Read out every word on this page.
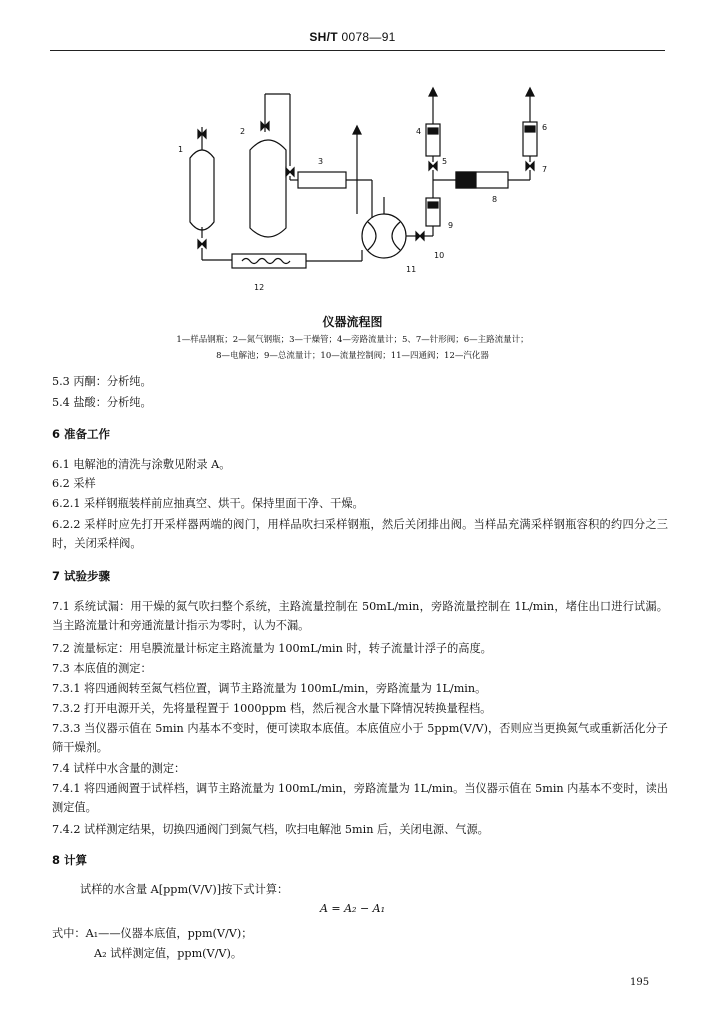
SH/T 0078—91
1
2
3
4
5
6
7
8
9
10
11
12
仪器流程图
1—样品钢瓶；2—氮气钢瓶；3—干燥管；4—旁路流量计；5、7—针形阀；6—主路流量计；
8—电解池；9—总流量计；10—流量控制阀；11—四通阀；12—汽化器
5.3 丙酮：分析纯。
5.4 盐酸：分析纯。
6 准备工作
6.1 电解池的清洗与涂敷见附录 A。
6.2 采样
6.2.1 采样钢瓶装样前应抽真空、烘干。保持里面干净、干燥。
6.2.2 采样时应先打开采样器两端的阀门，用样品吹扫采样钢瓶，然后关闭排出阀。当样品充满采样钢瓶容积的约四分之三时，关闭采样阀。
7 试验步骤
7.1 系统试漏：用干燥的氮气吹扫整个系统，主路流量控制在 50mL/min，旁路流量控制在 1L/min，堵住出口进行试漏。当主路流量计和旁通流量计指示为零时，认为不漏。
7.2 流量标定：用皂膜流量计标定主路流量为 100mL/min 时，转子流量计浮子的高度。
7.3 本底值的测定：
7.3.1 将四通阀转至氮气档位置，调节主路流量为 100mL/min，旁路流量为 1L/min。
7.3.2 打开电源开关，先将量程置于 1000ppm 档，然后视含水量下降情况转换量程档。
7.3.3 当仪器示值在 5min 内基本不变时，便可读取本底值。本底值应小于 5ppm(V/V)，否则应当更换氮气或重新活化分子筛干燥剂。
7.4 试样中水含量的测定：
7.4.1 将四通阀置于试样档，调节主路流量为 100mL/min，旁路流量为 1L/min。当仪器示值在 5min 内基本不变时，读出测定值。
7.4.2 试样测定结果，切换四通阀门到氮气档，吹扫电解池 5min 后，关闭电源、气源。
8 计算
试样的水含量 A[ppm(V/V)]按下式计算：
A = A₂ − A₁
式中：A₁——仪器本底值，ppm(V/V)；
A₂ 试样测定值，ppm(V/V)。
195
